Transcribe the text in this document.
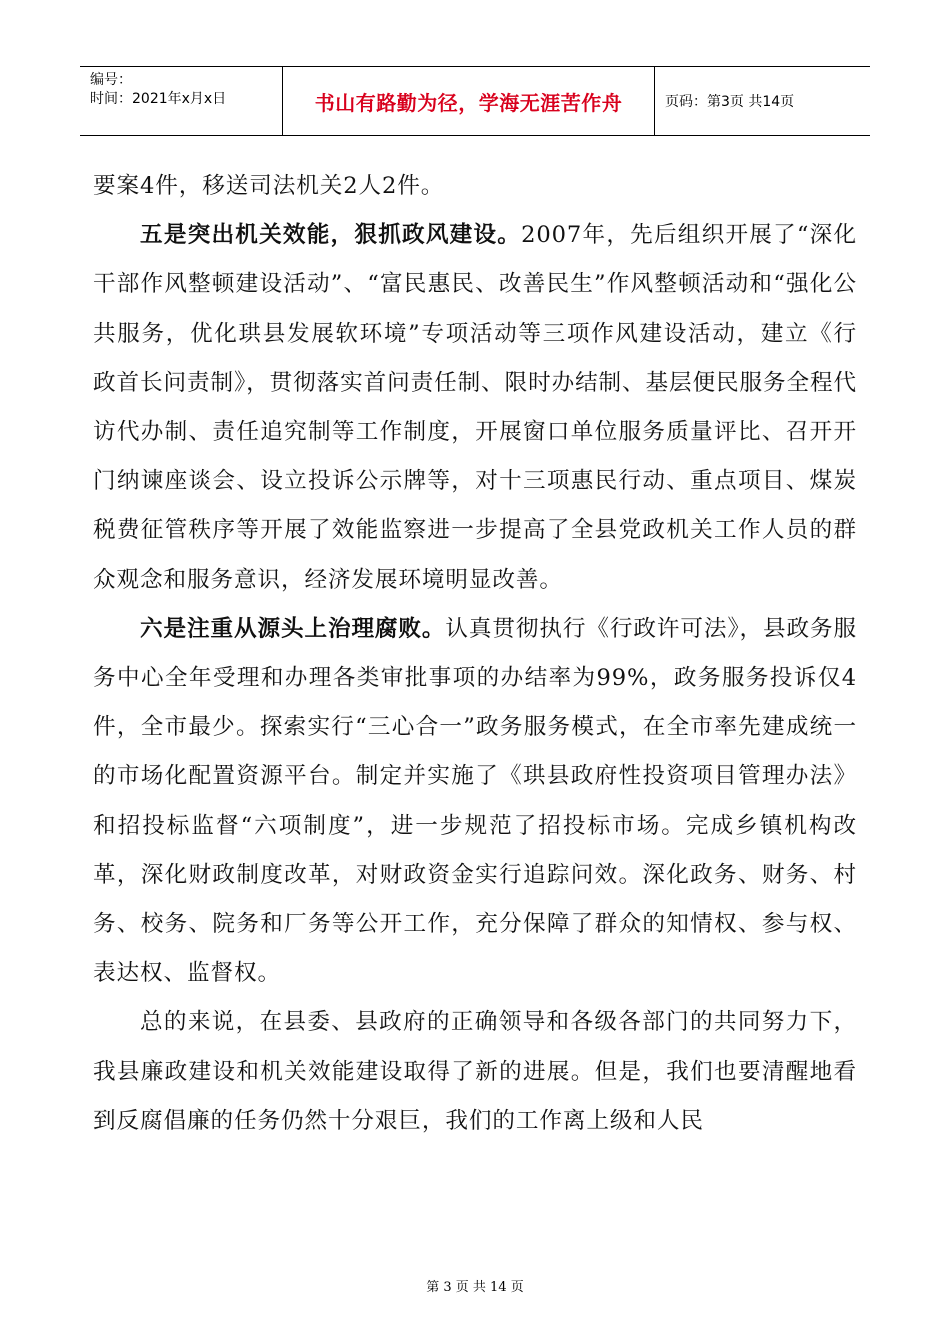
编号：
时间：2021年x月x日	书山有路勤为径，学海无涯苦作舟	页码：第3页 共14页

要案4件，移送司法机关2人2件。

五是突出机关效能，狠抓政风建设。2007年，先后组织开展了“深化干部作风整顿建设活动”、“富民惠民、改善民生”作风整顿活动和“强化公共服务，优化珙县发展软环境”专项活动等三项作风建设活动，建立《行政首长问责制》，贯彻落实首问责任制、限时办结制、基层便民服务全程代访代办制、责任追究制等工作制度，开展窗口单位服务质量评比、召开开门纳谏座谈会、设立投诉公示牌等，对十三项惠民行动、重点项目、煤炭税费征管秩序等开展了效能监察进一步提高了全县党政机关工作人员的群众观念和服务意识，经济发展环境明显改善。

六是注重从源头上治理腐败。认真贯彻执行《行政许可法》，县政务服务中心全年受理和办理各类审批事项的办结率为99%，政务服务投诉仅4件，全市最少。探索实行“三心合一”政务服务模式，在全市率先建成统一的市场化配置资源平台。制定并实施了《珙县政府性投资项目管理办法》和招投标监督“六项制度”，进一步规范了招投标市场。完成乡镇机构改革，深化财政制度改革，对财政资金实行追踪问效。深化政务、财务、村务、校务、院务和厂务等公开工作，充分保障了群众的知情权、参与权、表达权、监督权。

总的来说，在县委、县政府的正确领导和各级各部门的共同努力下，我县廉政建设和机关效能建设取得了新的进展。但是，我们也要清醒地看到反腐倡廉的任务仍然十分艰巨，我们的工作离上级和人民

第 3 页 共 14 页
